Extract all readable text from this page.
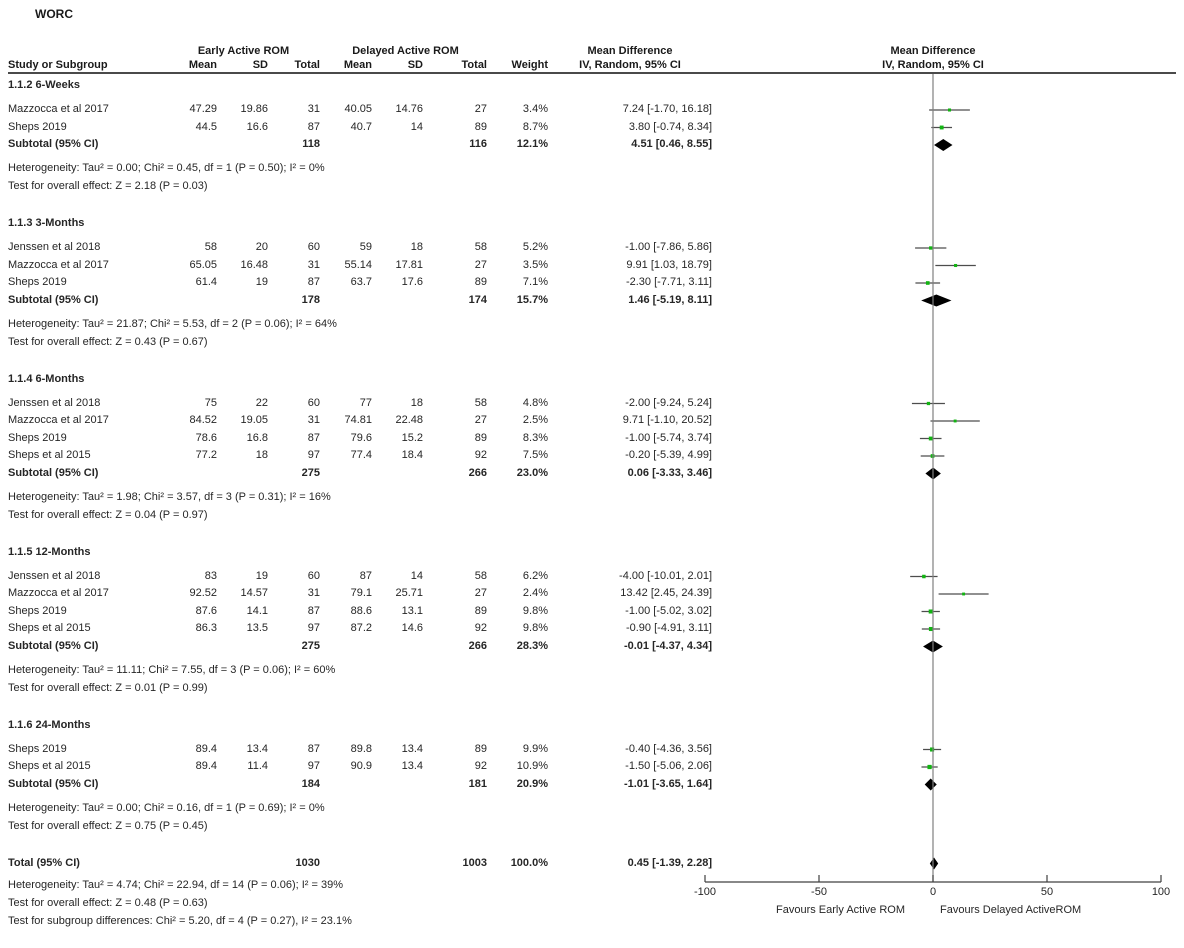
WORC
Early Active ROM	Delayed Active ROM	Mean Difference	Mean Difference
Study or Subgroup	Mean	SD	Total	Mean	SD	Total	Weight	IV, Random, 95% CI	IV, Random, 95% CI
1.1.2 6-Weeks
Mazzocca et al 2017	47.29	19.86	31	40.05	14.76	27	3.4%	7.24 [-1.70, 16.18]
Sheps 2019	44.5	16.6	87	40.7	14	89	8.7%	3.80 [-0.74, 8.34]
Subtotal (95% CI)	118	116	12.1%	4.51 [0.46, 8.55]
Heterogeneity: Tau² = 0.00; Chi² = 0.45, df = 1 (P = 0.50); I² = 0%
Test for overall effect: Z = 2.18 (P = 0.03)
1.1.3 3-Months
Jenssen et al 2018	58	20	60	59	18	58	5.2%	-1.00 [-7.86, 5.86]
Mazzocca et al 2017	65.05	16.48	31	55.14	17.81	27	3.5%	9.91 [1.03, 18.79]
Sheps 2019	61.4	19	87	63.7	17.6	89	7.1%	-2.30 [-7.71, 3.11]
Subtotal (95% CI)	178	174	15.7%	1.46 [-5.19, 8.11]
Heterogeneity: Tau² = 21.87; Chi² = 5.53, df = 2 (P = 0.06); I² = 64%
Test for overall effect: Z = 0.43 (P = 0.67)
1.1.4 6-Months
Jenssen et al 2018	75	22	60	77	18	58	4.8%	-2.00 [-9.24, 5.24]
Mazzocca et al 2017	84.52	19.05	31	74.81	22.48	27	2.5%	9.71 [-1.10, 20.52]
Sheps 2019	78.6	16.8	87	79.6	15.2	89	8.3%	-1.00 [-5.74, 3.74]
Sheps et al 2015	77.2	18	97	77.4	18.4	92	7.5%	-0.20 [-5.39, 4.99]
Subtotal (95% CI)	275	266	23.0%	0.06 [-3.33, 3.46]
Heterogeneity: Tau² = 1.98; Chi² = 3.57, df = 3 (P = 0.31); I² = 16%
Test for overall effect: Z = 0.04 (P = 0.97)
1.1.5 12-Months
Jenssen et al 2018	83	19	60	87	14	58	6.2%	-4.00 [-10.01, 2.01]
Mazzocca et al 2017	92.52	14.57	31	79.1	25.71	27	2.4%	13.42 [2.45, 24.39]
Sheps 2019	87.6	14.1	87	88.6	13.1	89	9.8%	-1.00 [-5.02, 3.02]
Sheps et al 2015	86.3	13.5	97	87.2	14.6	92	9.8%	-0.90 [-4.91, 3.11]
Subtotal (95% CI)	275	266	28.3%	-0.01 [-4.37, 4.34]
Heterogeneity: Tau² = 11.11; Chi² = 7.55, df = 3 (P = 0.06); I² = 60%
Test for overall effect: Z = 0.01 (P = 0.99)
1.1.6 24-Months
Sheps 2019	89.4	13.4	87	89.8	13.4	89	9.9%	-0.40 [-4.36, 3.56]
Sheps et al 2015	89.4	11.4	97	90.9	13.4	92	10.9%	-1.50 [-5.06, 2.06]
Subtotal (95% CI)	184	181	20.9%	-1.01 [-3.65, 1.64]
Heterogeneity: Tau² = 0.00; Chi² = 0.16, df = 1 (P = 0.69); I² = 0%
Test for overall effect: Z = 0.75 (P = 0.45)
Total (95% CI)	1030	1003	100.0%	0.45 [-1.39, 2.28]
Heterogeneity: Tau² = 4.74; Chi² = 22.94, df = 14 (P = 0.06); I² = 39%
Test for overall effect: Z = 0.48 (P = 0.63)
Test for subgroup differences: Chi² = 5.20, df = 4 (P = 0.27), I² = 23.1%
-100	-50	0	50	100
Favours Early Active ROM	Favours Delayed ActiveROM
